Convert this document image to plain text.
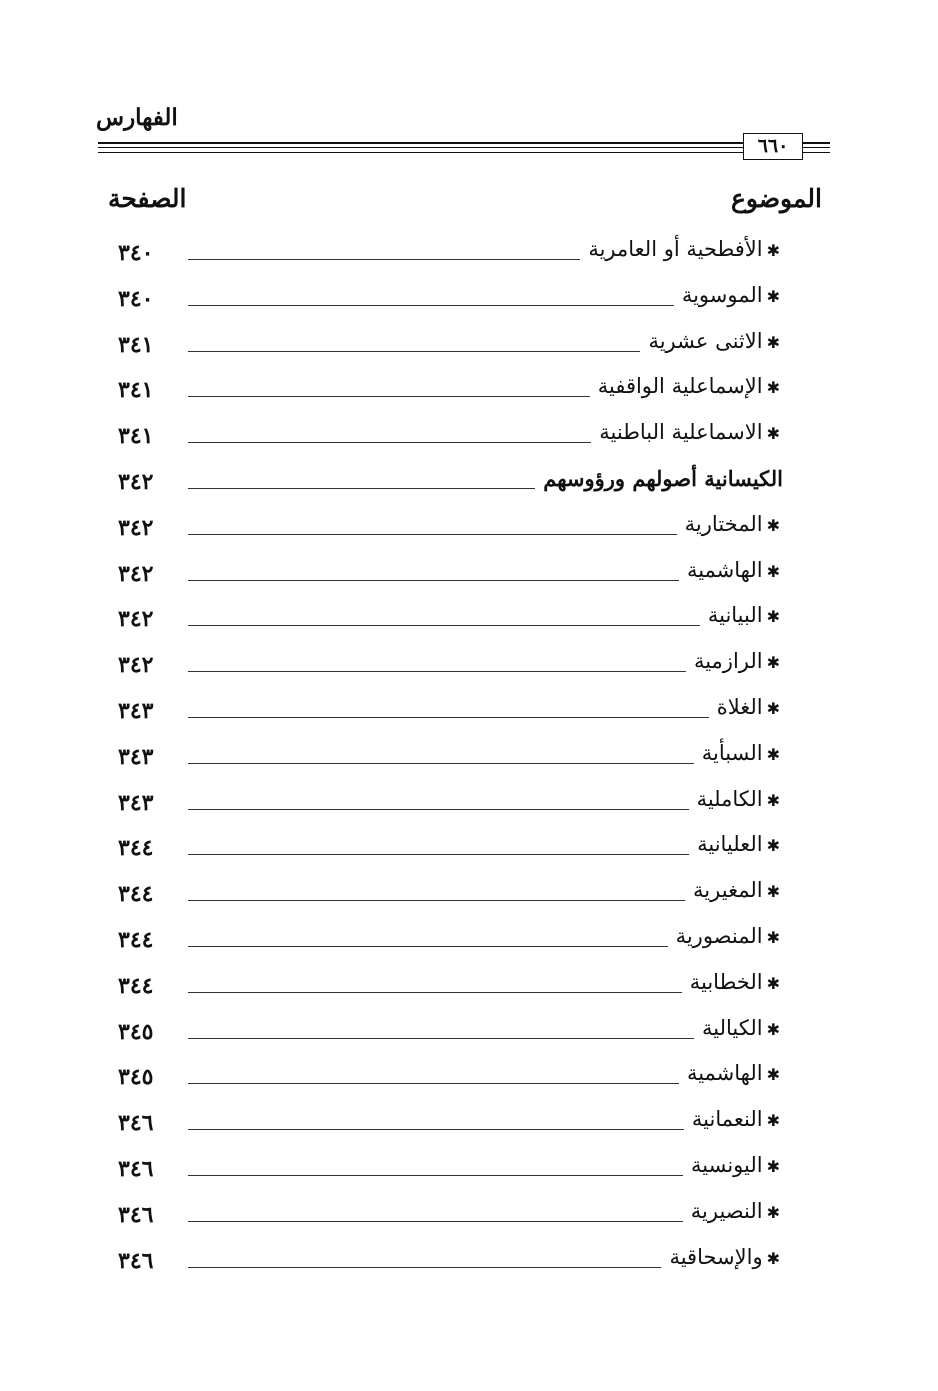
الفهارس
٦٦٠
الموضوع
الصفحة
٣٤٠	✱الأفطحية أو العامرية
٣٤٠	✱الموسوية
٣٤١	✱الاثنى عشرية
٣٤١	✱الإسماعلية الواقفية
٣٤١	✱الاسماعلية الباطنية
٣٤٢	الكيسانية أصولهم ورؤوسهم
٣٤٢	✱المختارية
٣٤٢	✱الهاشمية
٣٤٢	✱البيانية
٣٤٢	✱الرازمية
٣٤٣	✱الغلاة
٣٤٣	✱السبأية
٣٤٣	✱الكاملية
٣٤٤	✱العليانية
٣٤٤	✱المغيرية
٣٤٤	✱المنصورية
٣٤٤	✱الخطابية
٣٤٥	✱الكيالية
٣٤٥	✱الهاشمية
٣٤٦	✱النعمانية
٣٤٦	✱اليونسية
٣٤٦	✱النصيرية
٣٤٦	✱والإسحاقية
